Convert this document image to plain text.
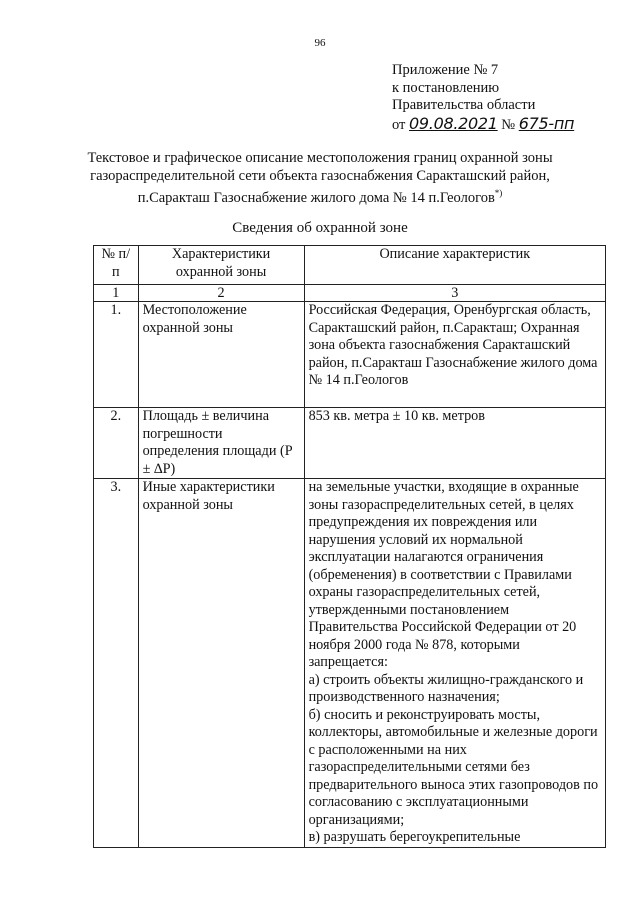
96
Приложение № 7
к постановлению
Правительства области
от 09.08.2021 № 675-пп
Текстовое и графическое описание местоположения границ охранной зоны
газораспределительной сети объекта газоснабжения Саракташский район,
п.Саракташ Газоснабжение жилого дома № 14 п.Геологов*)
Сведения об охранной зоне
№ п/п	Характеристики охранной зоны	Описание характеристик
1	2	3
1.	Местоположение охранной зоны	Российская Федерация, Оренбургская область, Саракташский район, п.Саракташ; Охранная зона объекта газоснабжения Саракташский район, п.Саракташ Газоснабжение жилого дома № 14 п.Геологов
2.	Площадь ± величина погрешности определения площади (P ± ∆P)	853 кв. метра ± 10 кв. метров
3.	Иные характеристики охранной зоны	на земельные участки, входящие в охранные зоны газораспределительных сетей, в целях предупреждения их повреждения или нарушения условий их нормальной эксплуатации налагаются ограничения (обременения) в соответствии с Правилами охраны газораспределительных сетей, утвержденными постановлением Правительства Российской Федерации от 20 ноября 2000 года № 878, которыми запрещается:
а) строить объекты жилищно-гражданского и производственного назначения;
б) сносить и реконструировать мосты, коллекторы, автомобильные и железные дороги с расположенными на них газораспределительными сетями без предварительного выноса этих газопроводов по согласованию с эксплуатационными организациями;
в) разрушать берегоукрепительные
